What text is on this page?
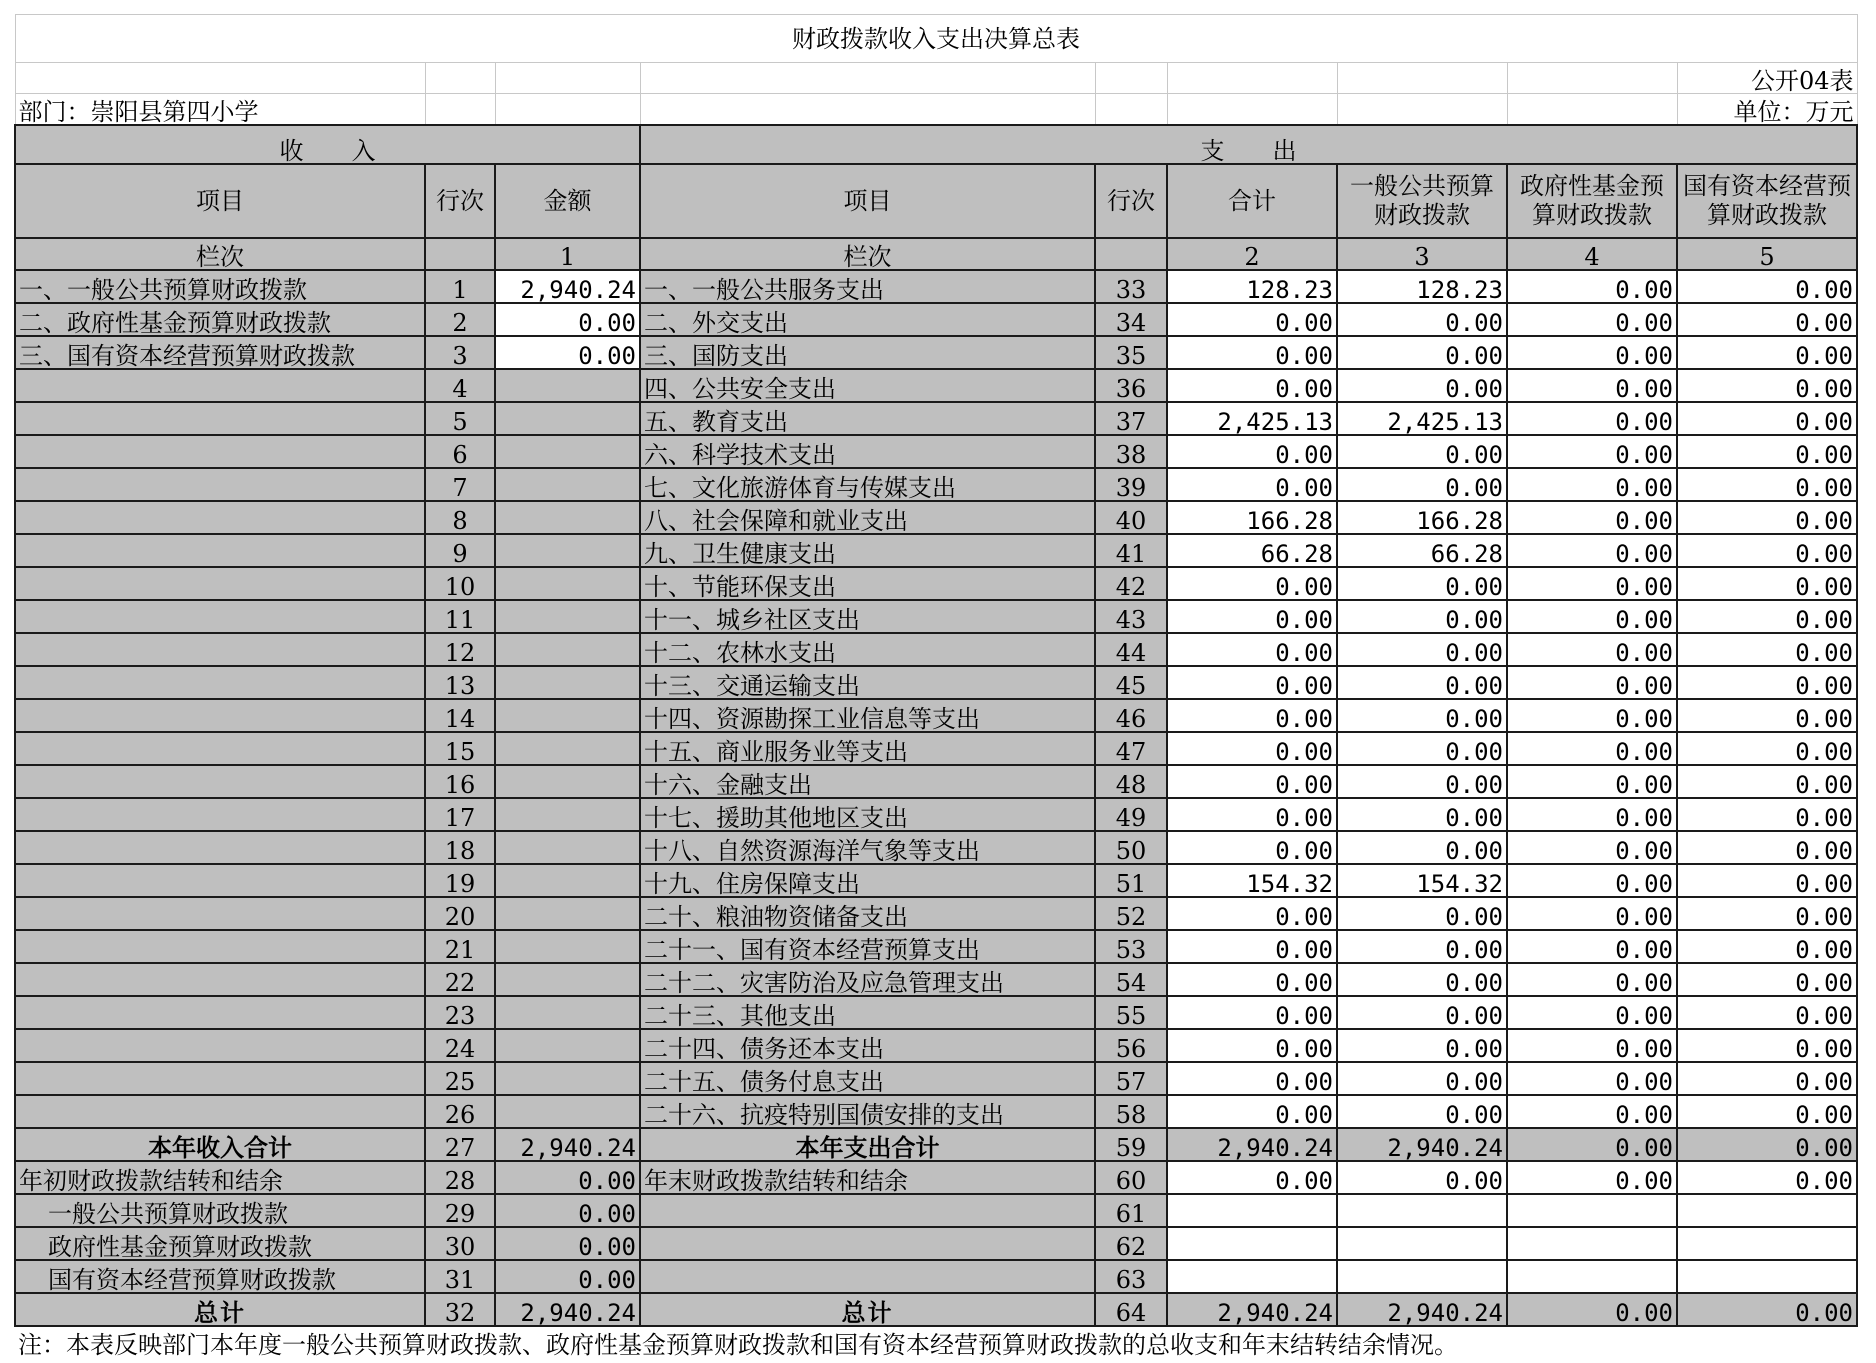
财政拨款收入支出决算总表								
								公开04表
部门：崇阳县第四小学								单位：万元
收　　入			支　　出					
项目	行次	金额	项目	行次	合计	一般公共预算财政拨款	政府性基金预算财政拨款	国有资本经营预算财政拨款
栏次		1	栏次		2	3	4	5
一、一般公共预算财政拨款	1	2,940.24	一、一般公共服务支出	33	128.23	128.23	0.00	0.00
二、政府性基金预算财政拨款	2	0.00	二、外交支出	34	0.00	0.00	0.00	0.00
三、国有资本经营预算财政拨款	3	0.00	三、国防支出	35	0.00	0.00	0.00	0.00
	4		四、公共安全支出	36	0.00	0.00	0.00	0.00
	5		五、教育支出	37	2,425.13	2,425.13	0.00	0.00
	6		六、科学技术支出	38	0.00	0.00	0.00	0.00
	7		七、文化旅游体育与传媒支出	39	0.00	0.00	0.00	0.00
	8		八、社会保障和就业支出	40	166.28	166.28	0.00	0.00
	9		九、卫生健康支出	41	66.28	66.28	0.00	0.00
	10		十、节能环保支出	42	0.00	0.00	0.00	0.00
	11		十一、城乡社区支出	43	0.00	0.00	0.00	0.00
	12		十二、农林水支出	44	0.00	0.00	0.00	0.00
	13		十三、交通运输支出	45	0.00	0.00	0.00	0.00
	14		十四、资源勘探工业信息等支出	46	0.00	0.00	0.00	0.00
	15		十五、商业服务业等支出	47	0.00	0.00	0.00	0.00
	16		十六、金融支出	48	0.00	0.00	0.00	0.00
	17		十七、援助其他地区支出	49	0.00	0.00	0.00	0.00
	18		十八、自然资源海洋气象等支出	50	0.00	0.00	0.00	0.00
	19		十九、住房保障支出	51	154.32	154.32	0.00	0.00
	20		二十、粮油物资储备支出	52	0.00	0.00	0.00	0.00
	21		二十一、国有资本经营预算支出	53	0.00	0.00	0.00	0.00
	22		二十二、灾害防治及应急管理支出	54	0.00	0.00	0.00	0.00
	23		二十三、其他支出	55	0.00	0.00	0.00	0.00
	24		二十四、债务还本支出	56	0.00	0.00	0.00	0.00
	25		二十五、债务付息支出	57	0.00	0.00	0.00	0.00
	26		二十六、抗疫特别国债安排的支出	58	0.00	0.00	0.00	0.00
本年收入合计	27	2,940.24	本年支出合计	59	2,940.24	2,940.24	0.00	0.00
年初财政拨款结转和结余	28	0.00	年末财政拨款结转和结余	60	0.00	0.00	0.00	0.00
一般公共预算财政拨款	29	0.00		61				
政府性基金预算财政拨款	30	0.00		62				
国有资本经营预算财政拨款	31	0.00		63				
总计	32	2,940.24	总计	64	2,940.24	2,940.24	0.00	0.00
注：本表反映部门本年度一般公共预算财政拨款、政府性基金预算财政拨款和国有资本经营预算财政拨款的总收支和年末结转结余情况。								
